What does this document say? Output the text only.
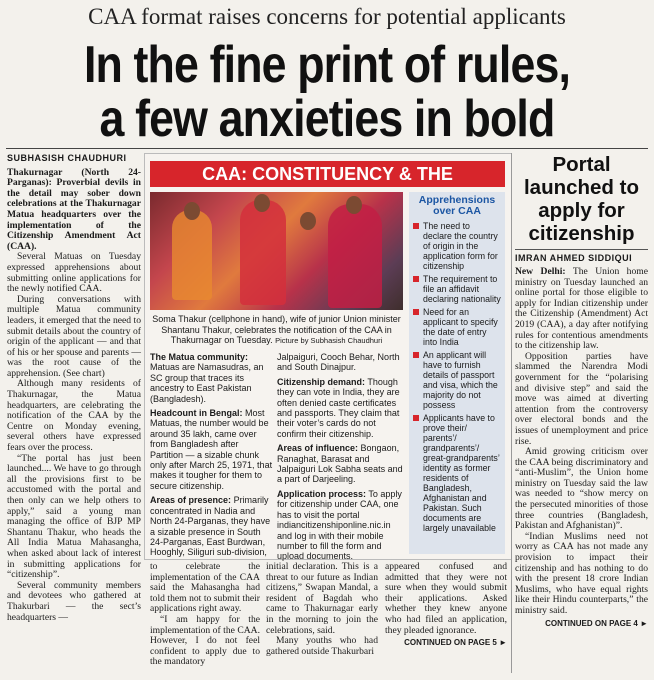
CAA format raises concerns for potential applicants
In the fine print of rules,
a few anxieties in bold
SUBHASISH CHAUDHURI

Thakurnagar (North 24-Parganas): Proverbial devils in the detail may sober down celebrations at the Thakurnagar Matua headquarters over the implementation of the Citizenship Amendment Act (CAA).

Several Matuas on Tuesday expressed apprehensions about submitting online applications for the newly notified CAA.

During conversations with multiple Matua community leaders, it emerged that the need to submit details about the country of origin of the applicant — and that of his or her spouse and parents — was the root cause of the apprehension. (See chart)

Although many residents of Thakurnagar, the Matua headquarters, are celebrating the notification of the CAA by the Centre on Monday evening, several others have expressed fears over the process.

“The portal has just been launched.... We have to go through all the provisions first to be accustomed with the portal and then only can we help others to apply,” said a young man managing the office of BJP MP Shantanu Thakur, who heads the All India Matua Mahasangha, when asked about lack of interest in submitting applications for “citizenship”.

Several community members and devotees who gathered at Thakurbari — the sect’s headquarters —

CAA: CONSTITUENCY & THE
Soma Thakur (cellphone in hand), wife of junior Union minister Shantanu Thakur, celebrates the notification of the CAA in Thakurnagar on Tuesday. Picture by Subhasish Chaudhuri

The Matua community:
Matuas are Namasudras, an SC group that traces its ancestry to East Pakistan (Bangladesh).

Headcount in Bengal: Most Matuas, the number would be around 35 lakh, came over from Bangladesh after Partition — a sizable chunk only after March 25, 1971, that makes it tougher for them to secure citizenship.

Areas of presence: Primarily concentrated in Nadia and North 24-Parganas, they have a sizable presence in South 24-Parganas, East Burdwan, Hooghly, Siliguri sub-division,

Jalpaiguri, Cooch Behar, North and South Dinajpur.

Citizenship demand: Though they can vote in India, they are often denied caste certificates and passports. They claim that their voter’s cards do not confirm their citizenship.

Areas of influence: Bongaon, Ranaghat, Barasat and Jalpaiguri Lok Sabha seats and a part of Darjeeling.

Application process: To apply for citizenship under CAA, one has to visit the portal indiancitizenshiponline.nic.in and log in with their mobile number to fill the form and upload documents.

Apprehensions over CAA
The need to declare the country of origin in the application form for citizenship
The requirement to file an affidavit declaring nationality
Need for an applicant to specify the date of entry into India
An applicant will have to furnish details of passport and visa, which the majority do not possess
Applicants have to prove their/ parents’/ grandparents’/ great-grandparents’ identity as former residents of Bangladesh, Afghanistan and Pakistan. Such documents are largely unavailable

to celebrate the implementation of the CAA said the Mahasangha had told them not to submit their applications right away.

“I am happy for the implementation of the CAA. However, I do not feel confident to apply due to the mandatory

initial declaration. This is a threat to our future as Indian citizens,” Swapan Mandal, a resident of Bagdah who came to Thakurnagar early in the morning to join the celebrations, said.

Many youths who had gathered outside Thakurbari

appeared confused and admitted that they were not sure when they would submit their applications. Asked whether they knew anyone who had filed an application, they pleaded ignorance.

CONTINUED ON PAGE 5 ►
Portal launched to apply for citizenship
IMRAN AHMED SIDDIQUI

New Delhi: The Union home ministry on Tuesday launched an online portal for those eligible to apply for Indian citizenship under the Citizenship (Amendment) Act 2019 (CAA), a day after notifying rules for contentious amendments to the citizenship law.

Opposition parties have slammed the Narendra Modi government for the “polarising and divisive step” and said the move was aimed at diverting attention from the controversy over electoral bonds and the issues of unemployment and price rise.

Amid growing criticism over the CAA being discriminatory and “anti-Muslim”, the Union home ministry on Tuesday said the law was needed to “show mercy on the persecuted minorities of those three countries (Bangladesh, Pakistan and Afghanistan)”.

“Indian Muslims need not worry as CAA has not made any provision to impact their citizenship and has nothing to do with the present 18 crore Indian Muslims, who have equal rights like their Hindu counterparts,” the ministry said.

CONTINUED ON PAGE 4 ►
